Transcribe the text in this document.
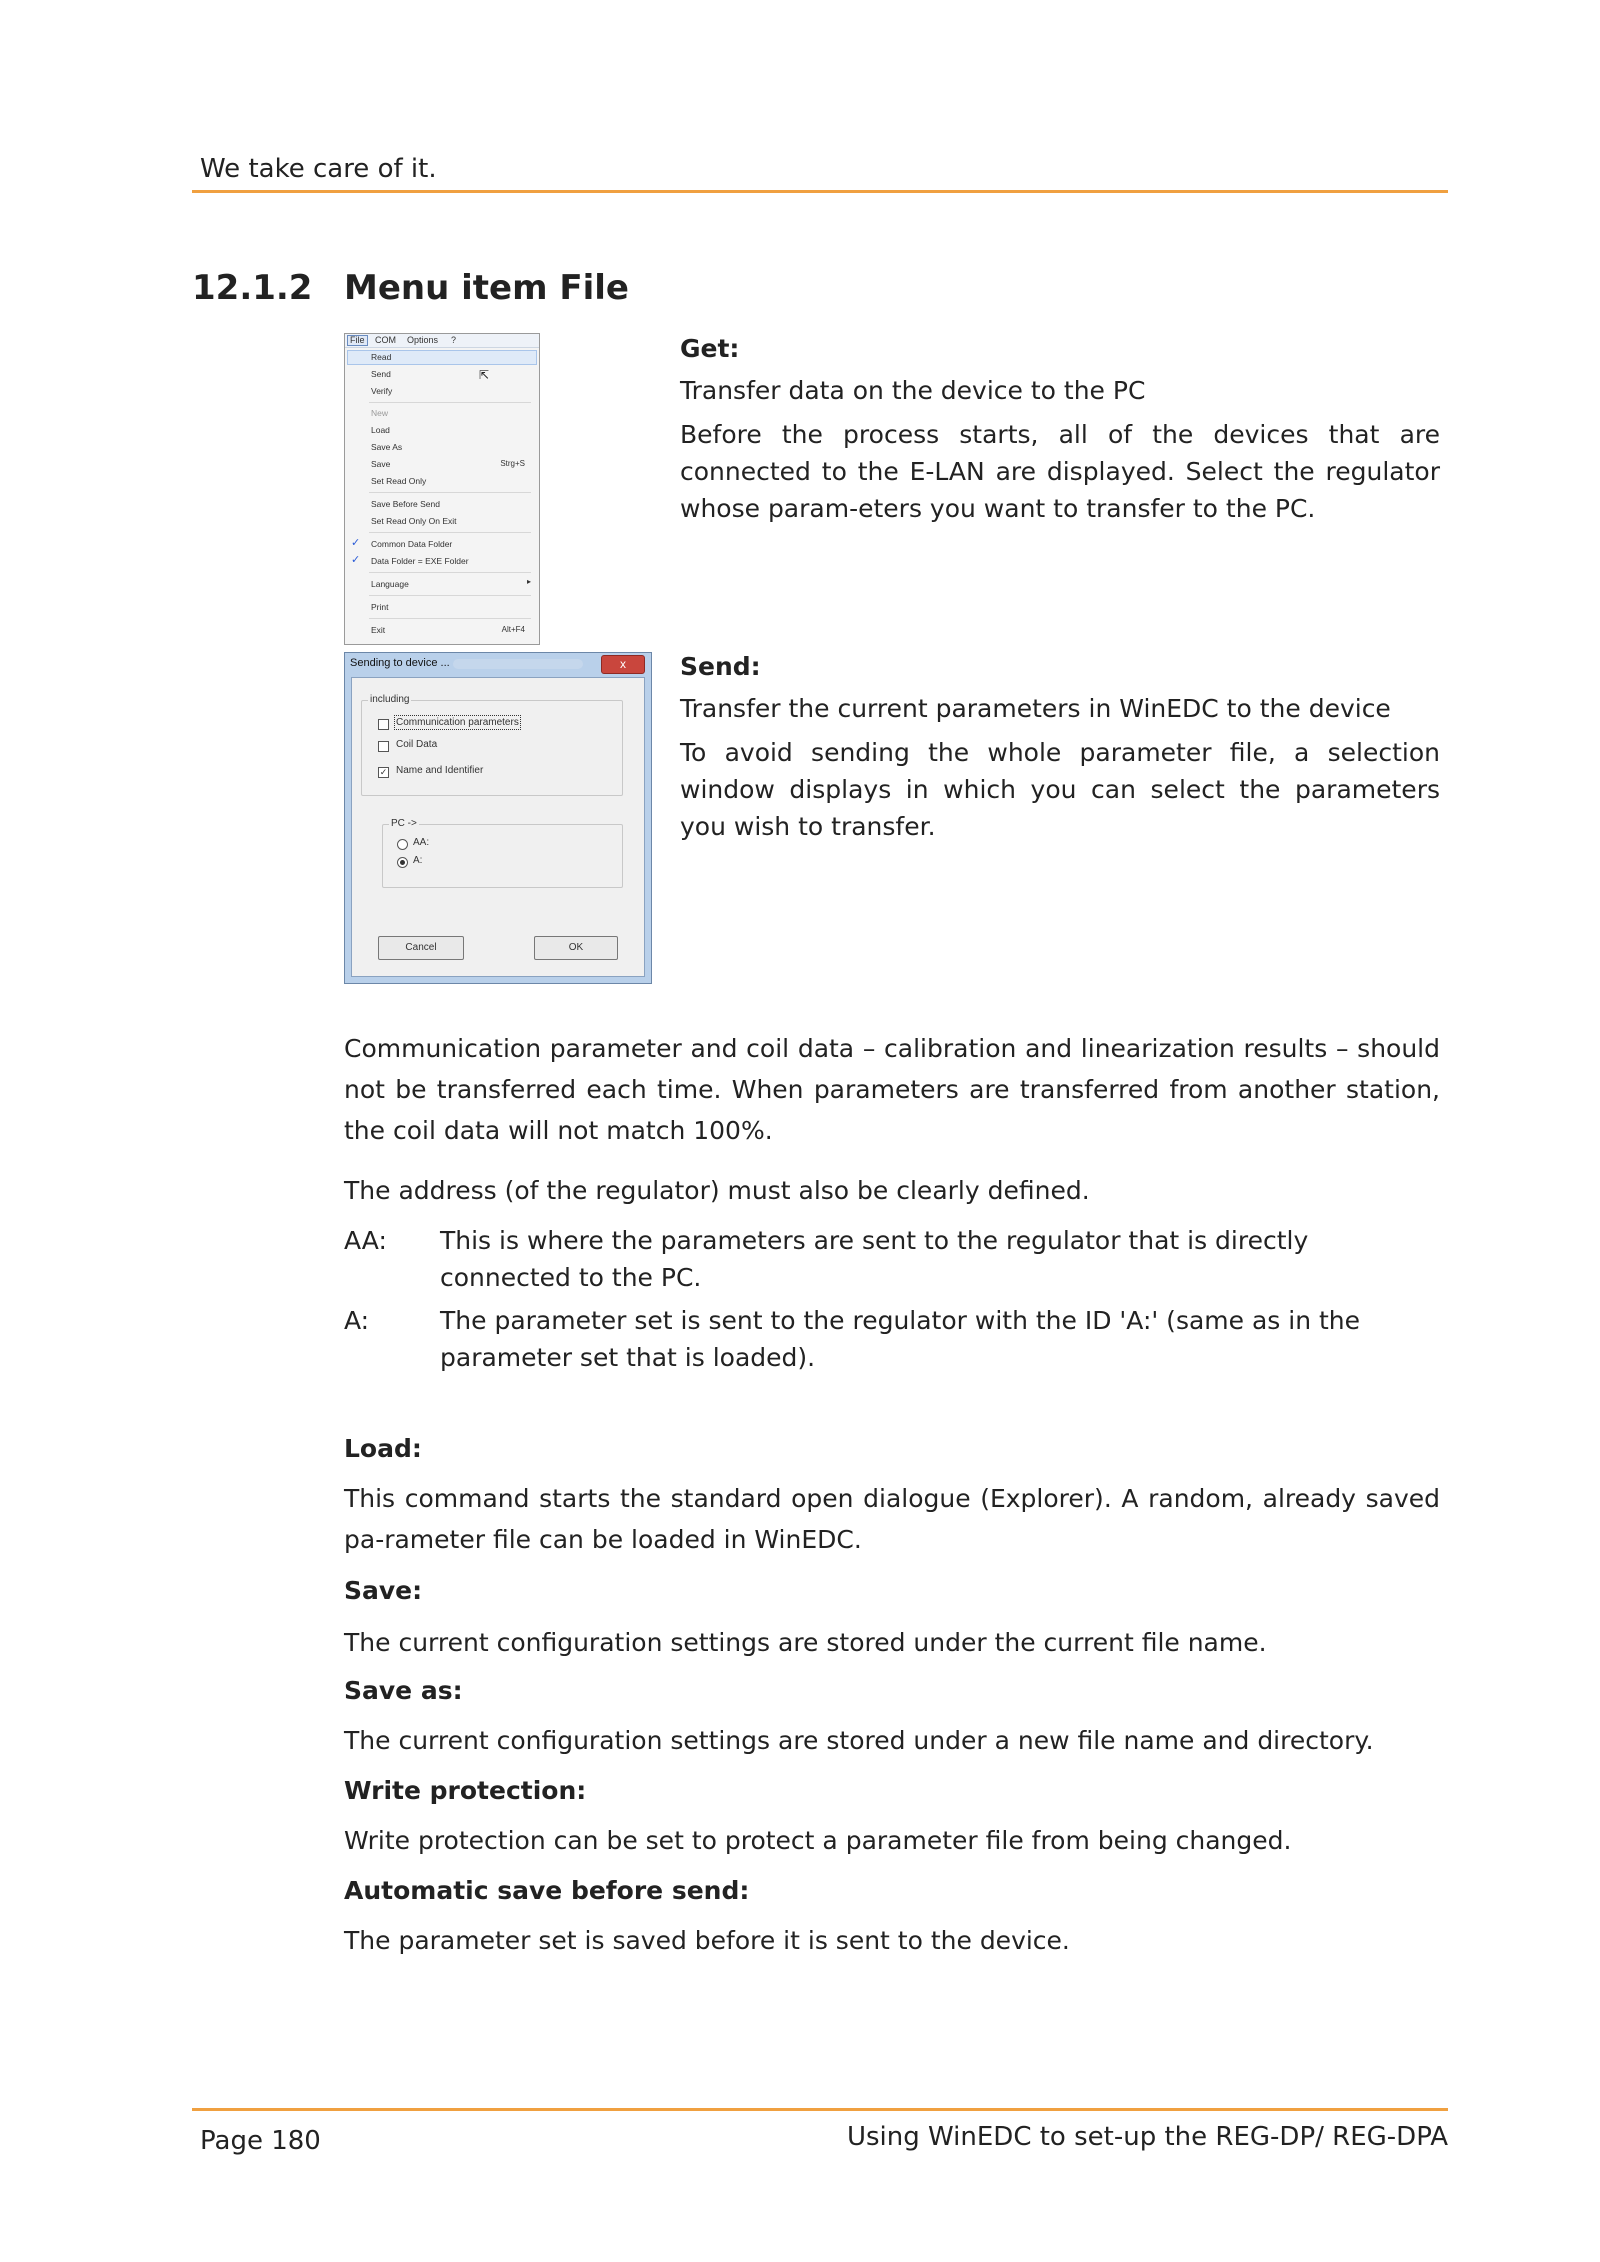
We take care of it.
12.1.2 Menu item File
File	COM Options ?
Read
⇱
Send
Verify
New
Load
Save As
Save	Strg+S
Set Read Only
Save Before Send
Set Read Only On Exit
✓ Common Data Folder
✓ Data Folder = EXE Folder
Language	▸
Print
Exit	Alt+F4
Sending to device ...	x
including
Communication parameters
Coil Data
✓ Name and Identifier
PC ->
AA:
A:
Cancel	OK
Get:
Transfer data on the device to the PC
Before the process starts, all of the devices that are connected to the E-LAN are displayed. Select the regulator whose param-eters you want to transfer to the PC.
Send:
Transfer the current parameters in WinEDC to the device
To avoid sending the whole parameter file, a selection window displays in which you can select the parameters you wish to transfer.
Communication parameter and coil data – calibration and linearization results – should not be transferred each time. When parameters are transferred from another station, the coil data will not match 100%.
The address (of the regulator) must also be clearly defined.
AA: This is where the parameters are sent to the regulator that is directly connected to the PC.
A:	The parameter set is sent to the regulator with the ID 'A:' (same as in the parameter set that is loaded).
Load:
This command starts the standard open dialogue (Explorer). A random, already saved pa-rameter file can be loaded in WinEDC.
Save:
The current configuration settings are stored under the current file name.
Save as:
The current configuration settings are stored under a new file name and directory.
Write protection:
Write protection can be set to protect a parameter file from being changed.
Automatic save before send:
The parameter set is saved before it is sent to the device.
Page 180	Using WinEDC to set-up the REG-DP/ REG-DPA
